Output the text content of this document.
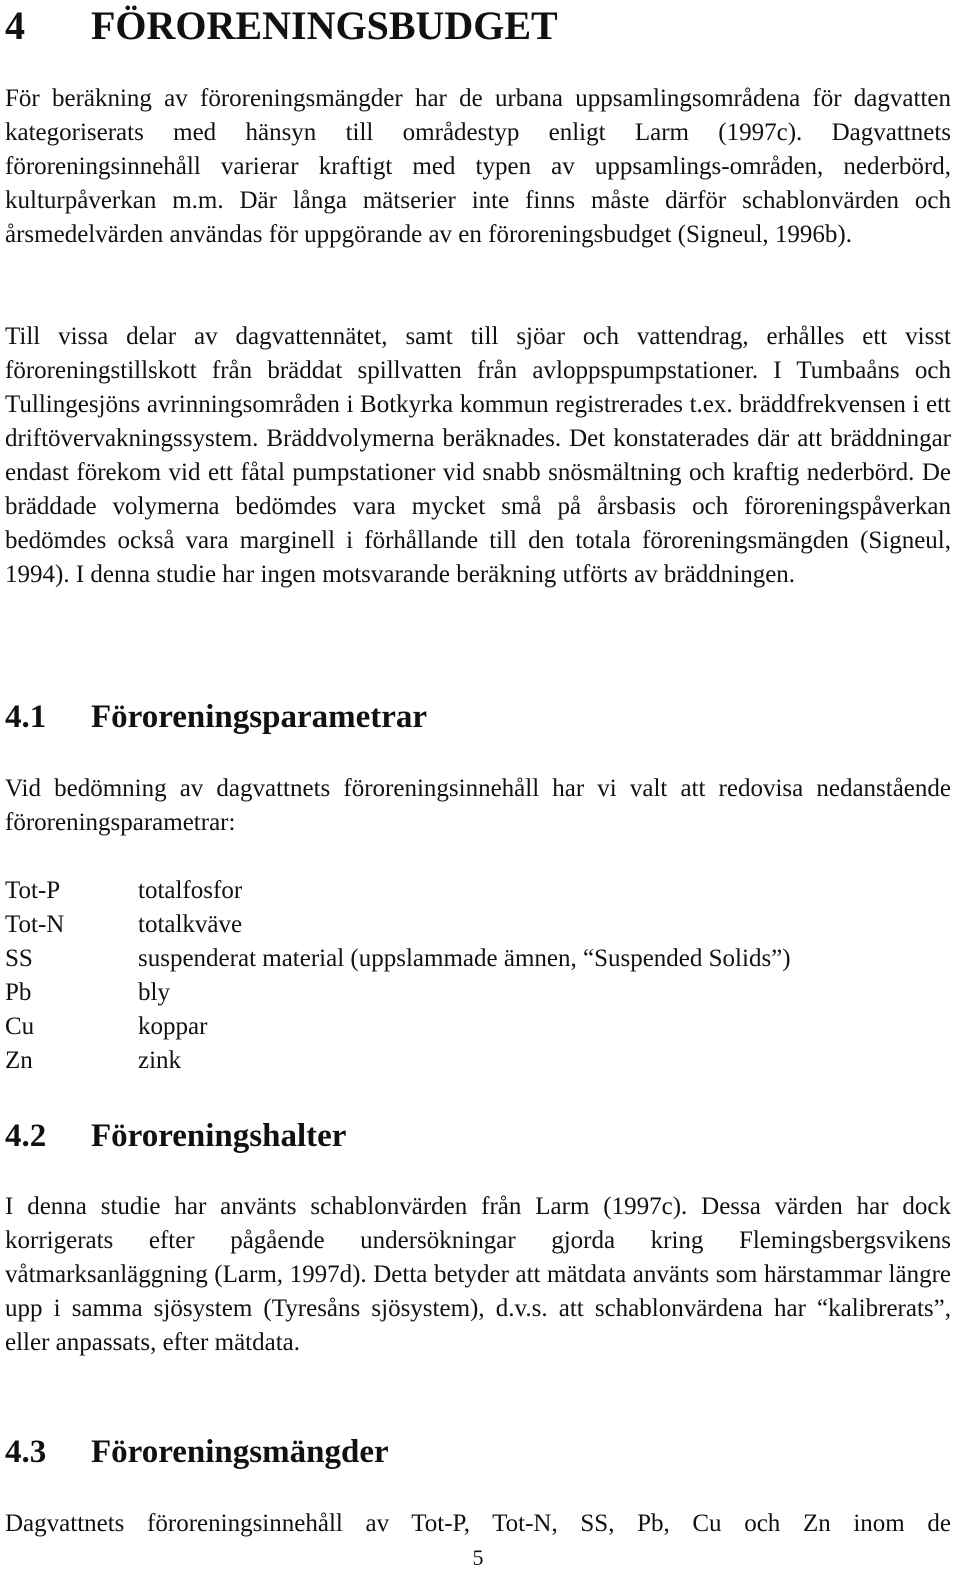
4 FÖRORENINGSBUDGET

För beräkning av föroreningsmängder har de urbana uppsamlingsområdena för dagvatten kategoriserats med hänsyn till områdestyp enligt Larm (1997c). Dagvattnets föroreningsinnehåll varierar kraftigt med typen av uppsamlings-områden, nederbörd, kulturpåverkan m.m. Där långa mätserier inte finns måste därför schablonvärden och årsmedelvärden användas för uppgörande av en föroreningsbudget (Signeul, 1996b).

Till vissa delar av dagvattennätet, samt till sjöar och vattendrag, erhålles ett visst föroreningstillskott från bräddat spillvatten från avloppspumpstationer. I Tumbaåns och Tullingesjöns avrinningsområden i Botkyrka kommun registrerades t.ex. bräddfrekvensen i ett driftövervakningssystem. Bräddvolymerna beräknades. Det konstaterades där att bräddningar endast förekom vid ett fåtal pumpstationer vid snabb snösmältning och kraftig nederbörd. De bräddade volymerna bedömdes vara mycket små på årsbasis och föroreningspåverkan bedömdes också vara marginell i förhållande till den totala föroreningsmängden (Signeul, 1994). I denna studie har ingen motsvarande beräkning utförts av bräddningen.

4.1 Föroreningsparametrar

Vid bedömning av dagvattnets föroreningsinnehåll har vi valt att redovisa nedanstående föroreningsparametrar:

Tot-P	totalfosfor
Tot-N	totalkväve
SS	suspenderat material (uppslammade ämnen, “Suspended Solids”)
Pb	bly
Cu	koppar
Zn	zink
4.2 Föroreningshalter

I denna studie har använts schablonvärden från Larm (1997c). Dessa värden har dock korrigerats efter pågående undersökningar gjorda kring Flemingsbergsvikens våtmarksanläggning (Larm, 1997d). Detta betyder att mätdata använts som härstammar längre upp i samma sjösystem (Tyresåns sjösystem), d.v.s. att schablonvärdena har “kalibrerats”, eller anpassats, efter mätdata.

4.3 Föroreningsmängder

Dagvattnets föroreningsinnehåll av Tot-P, Tot-N, SS, Pb, Cu och Zn inom de

5
